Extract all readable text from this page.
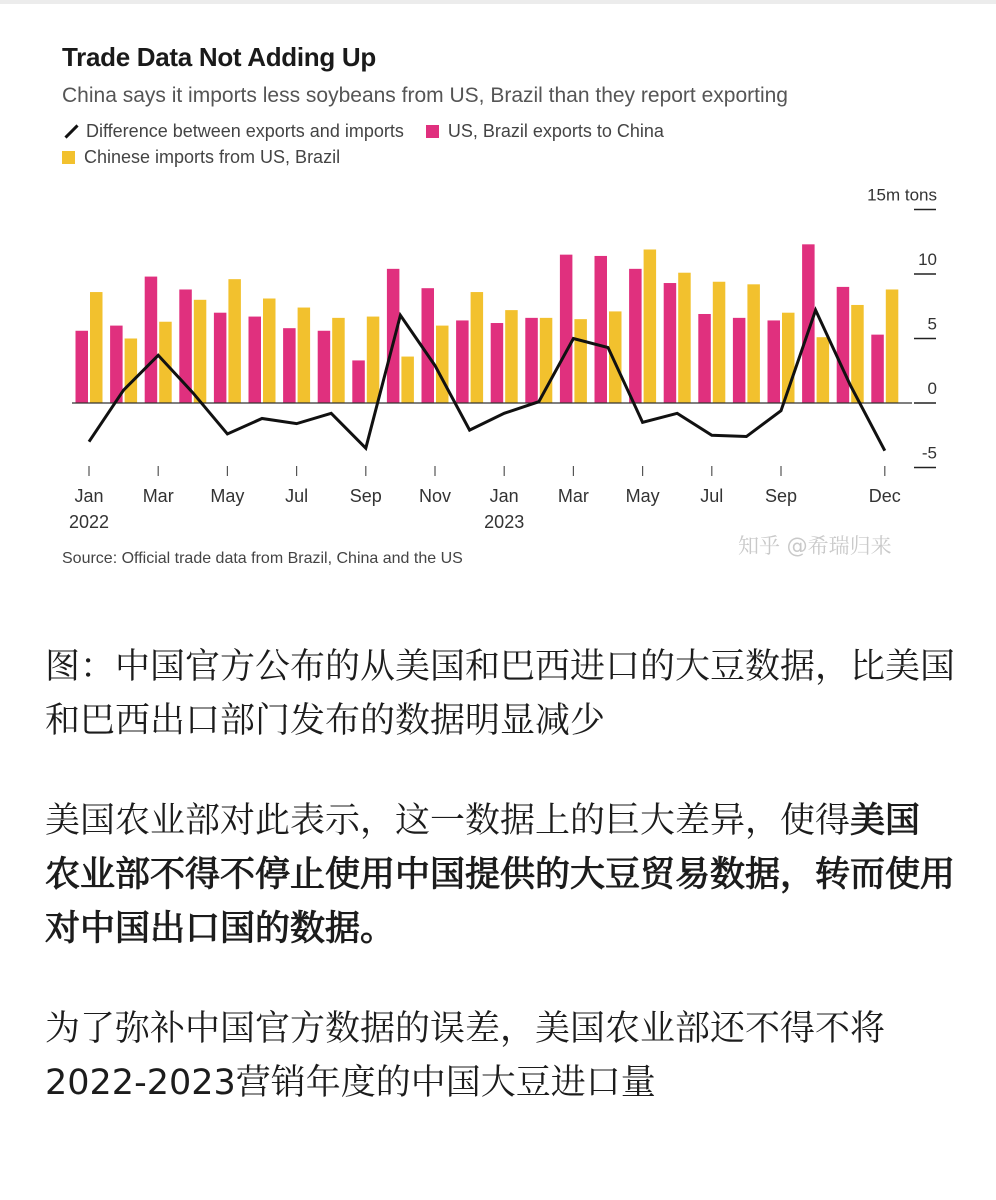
Trade Data Not Adding Up
China says it imports less soybeans from US, Brazil than they report exporting
Difference between exports and imports US, Brazil exports to China
Chinese imports from US, Brazil
-5
0
5
10
15m tons
Jan
2022
Mar May Jul Sep Nov Jan
2023
Mar May Jul Sep	Dec
Source: Official trade data from Brazil, China and the US
知乎 @希瑞归来

图：中国官方公布的从美国和巴西进口的大豆数据，比美国和巴西出口部门发布的数据明显减少

美国农业部对此表示，这一数据上的巨大差异，使得美国农业部不得不停止使用中国提供的大豆贸易数据，转而使用对中国出口国的数据。

为了弥补中国官方数据的误差，美国农业部还不得不将2022-2023营销年度的中国大豆进口量
